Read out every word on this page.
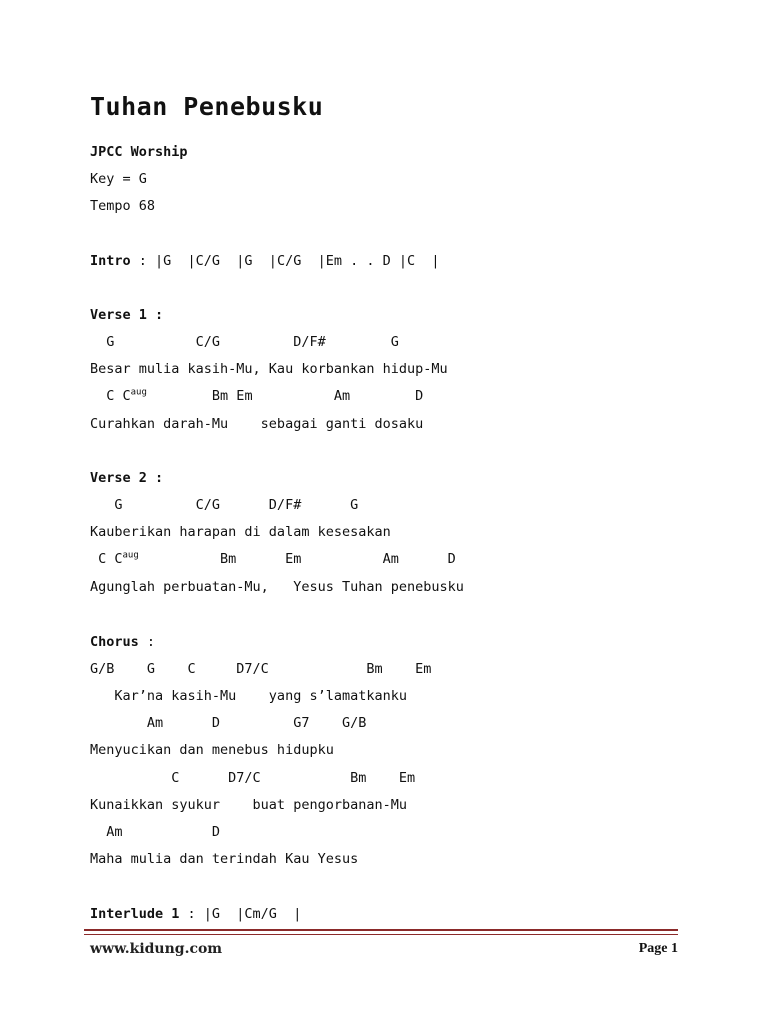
Tuhan Penebusku
JPCC Worship
Key = G
Tempo 68
Intro : |G  |C/G  |G  |C/G  |Em . . D |C  |
Verse 1 :
G          C/G         D/F#        G
Besar mulia kasih-Mu, Kau korbankan hidup-Mu
C $C^{aug}$        Bm Em          Am        D
Curahkan darah-Mu    sebagai ganti dosaku
Verse 2 :
G         C/G      D/F#      G
Kauberikan harapan di dalam kesesakan
C $C^{aug}$          Bm      Em          Am      D
Agunglah perbuatan-Mu,   Yesus Tuhan penebusku
Chorus :
G/B    G    C     D7/C            Bm    Em
Kar’na kasih-Mu    yang s’lamatkanku
Am      D         G7    G/B
Menyucikan dan menebus hidupku
C      D7/C           Bm    Em
Kunaikkan syukur    buat pengorbanan-Mu
Am           D
Maha mulia dan terindah Kau Yesus
Interlude 1 : |G  |Cm/G  |
www.kidung.com	Page 1
